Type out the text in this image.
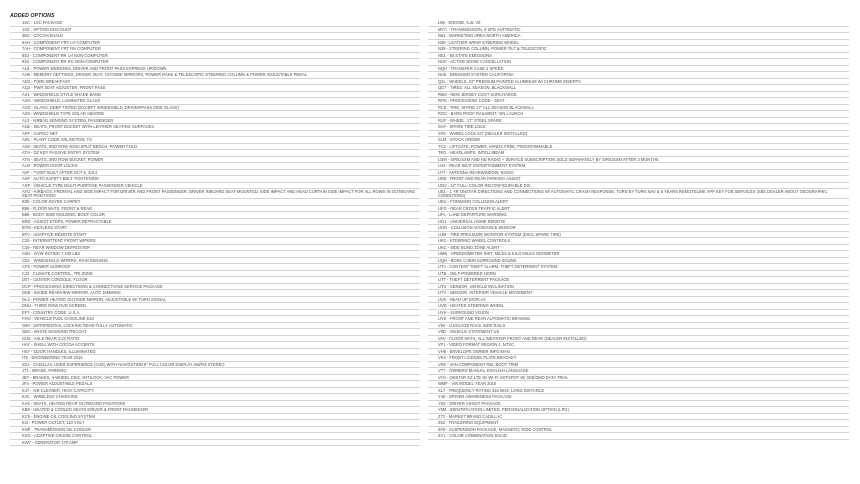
ADDED OPTIONS
1SC - 1SC PACKAGE
1SZ - OPTION DISCOUNT
3BS - COCOA/SHALE
6AH - COMPONENT FRT LH COMPUTER
7AH - COMPONENT FRT RH COMPUTER
8S2 - COMPONENT RR LH NON-COMPUTER
9S2 - COMPONENT RR RH NON-COMPUTER
AU1 - POWER WINDOWS, DRIVER AND FRONT PASS EXPRESS UP/DOWN
AH5 - MEMORY SETTINGS, DRIVER SEAT, OUTSIDE MIRRORS, POWER RAKE & TELESCOPIC STEERING COLUMN & POWER ADJUSTABLE PEDAL
AD3 - FORK BREAKFAST
AQ2 - PWR SEAT ADJUSTER, FRONT PASS
AX1 - WINDSHIELD STYLE SHADE BAND
AXG - WINDSHIELD, LAMINATED GLASS
AXD - GLASS, DEEP TINTED (EXCEPT WINDSHIELD, DRIVER/PASS SIDE GLASS)
AX9 - WINDSHIELD TYPE SOLAR ABSORB
AL3 - AIRBAG SENSING SYSTEM, PASSENGER
AN2 - SEATS, FRONT BUCKET WITH LEATHER SEATING SURFACES
APF - CARGO NET
AR1 - PLANT CODE ARLINGTON, TX
AS8 - SEATS, 2ND ROW 60/40 SPLIT BENCH, POWER FOLD
ATH - DZ KEY PASSIVE ENTRY SYSTEM
ATN - SEATS, 3RD ROW BUCKET, POWER
AU3 - POWER DOOR LOCKS
AVF - **UNIT BUILT AFTER OCT 6, 2014
AXF - AUTO SAFETY BELT TIGHTENING
AXP - VEHICLE TYPE MULTI-PURPOSE PASSENGER VEHICLE
AYG - AIRBAGS, FRONTAL AND SIDE IMPACT FOR DRIVER AND FRONT PASSENGER, DRIVER INBOARD SEAT-MOUNTED, SIDE IMPACT AND HEAD CURTAIN SIDE IMPACT FOR ALL ROWS IN OUTBOARD SEAT POSITIONS
B30 - COLOR KEYED CARPET
B58 - FLOOR MATS, FRONT & REAR
B85 - BODY SIDE MOLDING, BODY COLOR
BRD - ASSIST STEPS, POWER RETRACTABLE
BTM - KEYLESS START
BTV - ADAPTIVE REMOTE START
C25 - INTERMITTENT FRONT WIPERS
C49 - REAR WINDOW DEFROSTER
C6H - GVW RATING 7,100 LBS
CE1 - WINDSHIELD WIPERS, RAIN SENSING
CF5 - POWER SUNROOF
CJ2 - CLIMATE CONTROL, TRI ZONE
D07 - CENTER CONSOLE, FLOOR
DCP - PROCESSING DIRECTIONS & CONNECTIONS SERVICE PACKAGE
DD8 - INSIDE REARVIEW MIRROR, AUTO DIMMING
DL3 - POWER HEATED OUTSIDE MIRROR, ADJUSTABLE W/ TURN SIGNAL
DNU - THIRD ROW DVD SCREEN
EF7 - COUNTRY CODE, U.S.A.
FHO - VEHICLE FUEL GASOLINE E10
G80 - DIFFERENTIAL LOCKING REAR FULLY AUTOMATIC
GBA - WHITE DIAMOND TRICOAT
GU5 - AXLE REAR 3.23 RATIO
HAY - SHELL WITH COCOA ACCENTS
HS7 - DOOR HANDLES, ILLUMINATED
IT5 - ENGINEERING YEAR 2015
IOU - CADILLAC USER EXPERIENCE (CUE) WITH NAVIGATION 8" FULL COLOR DISPLAY AM/FM STEREO
J71 - BRAKE, PARKING
JB7 - BRAKES, 4-WHEEL DISC ANTILOCK, VAC POWER
JF4 - POWER ADJUSTABLE PEDALS
K47 - AIR CLEANER, HIGH CAPACITY
K4C - WIRELESS CHARGING
KA6 - SEATS, HEATED REAR OUTBOARD POSITIONS
KB5 - HEATED & COOLED SEATS DRIVER & FRONT PASSENGER
KC9 - ENGINE OIL COOLING SYSTEM
KI4 - POWER OUTLET, 110 VOLT
KNP - TRANSMISSION OIL COOLER
KSG - ADAPTIVE CRUISE CONTROL
KW7 - GENERATOR 170 AMP
L86 - ENGINE, 6.2L V8
MYC - TRANSMISSION, 8 SPD AUTOMATIC
N64 - MARKETING AREA NORTH AMERICA
N38 - LEATHER WRAP STEERING WHEEL
N38 - STEERING COLUMN, POWER TILT & TELESCOPIC
NE1 - 50 STATE EMISSIONS
NHC - ACTIVE NOISE CANCELLATION
NQH - TRANSFER CASE 2 SPEED
NU6 - EMISSION SYSTEM CALIFORNIA
Q2L - WHEELS, 22" PREMIUM PAINTED ALUMINUM W/ CHROME INSERTS
QD7 - TIRES, ALL SEASON, BLACKWALL
R6M - NEW JERSEY COST SURCHARGE
RPN - PROCESSING CODE - SEAT
RC8 - TIRE, SPARE 17" ALL SEASON BLACKWALL
ROC - BARS ROOF RAILMENT, VIN LAUNCH
RUF - WHEEL, 17" STEEL SPARE
SAF - SPARE TIRE LOCK
SFE - WHEEL LOCK KIT (DEALER INSTALLED)
SLM - STOCK ORDER
TC2 - LIFTGATE, POWER, HANDS FREE, PROGRAMMABLE
TKG - HEADLAMPS, INTELLIBEAM
U2M - SIRIUSXM AND HD RADIO + SERVICE SUBSCRIPTION SOLD SEPARATELY BY SIRIUSXM AFTER 3 MONTHS
U42 - REAR SEAT ENTERTAINMENT SYSTEM
U77 - ANTENNA REARWINDOW, RADIO
UD5 - FRONT AND REAR PARKING ASSIST
UDV - 12" FULL-COLOR RECONFIGURABLE DIC
UE1 - 1 YR ONSTAR DIRECTIONS AND CONNECTIONS W/ AUTOMATIC CRASH RESPONSE, TURN BY TURN NAV & 5 YEARS REMOTELINK APP KEY FOB SERVICES (SEE DEALER ABOUT GEOGRAPHIC CONDITIONS)
UEU - FORWARD COLLISION ALERT
UFG - REAR CROSS TRAFFIC ALERT
UFL - LANE DEPARTURE WARNING
UG1 - UNIVERSAL HOME REMOTE
UGN - COLLISION AVOIDANCE SENSOR
UJM - TIRE PRESSURE MONITOR SYSTEM (EXCL SPARE TIRE)
UK3 - STEERING WHEEL CONTROLS
UKC - SIDE BLIND ZONE ALERT
UMN - SPEEDOMETER INST, MILES & KILO MILES ODOMETER
UQH - BOSE CABIN SURROUND SOUND
UTJ - CONTENT THEFT ALARM, THEFT DETERRENT SYSTEM
UTB - SELF-POWERED HORN
UTT - THEFT DETERRENT PACKAGE
UTU - SENSOR, VEHICLE INCLINATION
UTV - SENSOR, INTERIOR VEHICLE MOVEMENT
UV6 - HEAD UP DISPLAY
UVD - HEATED STEERING WHEEL
UVH - SURROUND VISION
UVS - FRONT AND REAR AUTOMATIC BRAKING
V54 - LUGGAGE RACK SIDE RAILS
V8D - VEHICLE STATEMENT US
VAV - FLOOR MATS, ALL WEATHER FRONT AND REAR (DEALER INSTALLED)
VF1 - VIDEO FORMAT REGION 1, NTSC
VH9 - ENVELOPE OWNER INFO MAN
VK3 - FRONT LICENSE PLATE BRACKET
VR6 - VAN COMPONENT REL BOOT TRIM
VT7 - OWNERS MANUAL ENGLISH LANGUAGE
VV4 - ONSTAR 4G LTE W/ WI-FI HOTSPOT W/ 3GB/3MO DATA TRIAL
WMF - VIN MODEL YEAR 2015
XL7 - FREQUENCY RATING 315 MHZ, LONG DISTANCE
Y46 - DRIVER AWARENESS PACKAGE
Y6S - DRIVER ASSIST PACKAGE
YM8 - IDENTIFICATION LIMITED, PERSONALIZATION OPTION (LPO)
Z73 - MARKET BRAND CADILLAC
Z82 - TRAILERING EQUIPMENT
ZF5 - SUSPENSION PACKAGE, MAGNETIC RIDE CONTROL
ZY1 - COLOR COMBINATION SOLID
